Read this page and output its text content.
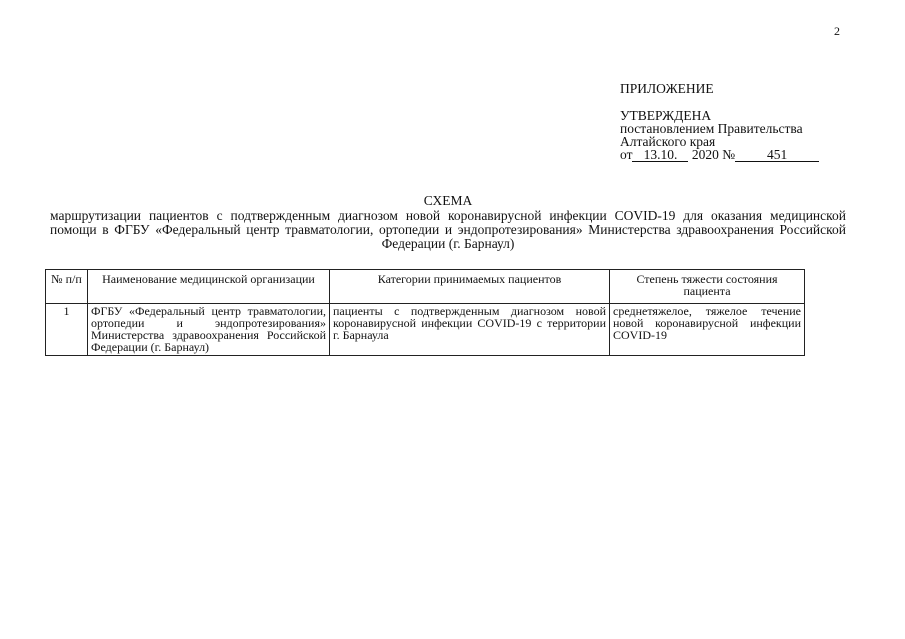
2
ПРИЛОЖЕНИЕ
УТВЕРЖДЕНА
постановлением Правительства
Алтайского края
от 13.10. 2020 № 451
СХЕМА
маршрутизации пациентов с подтвержденным диагнозом новой коронавирусной инфекции COVID-19 для оказания медицинской помощи в ФГБУ «Федеральный центр травматологии, ортопедии и эндопротезирования» Министерства здравоохранения Российской Федерации (г. Барнаул)
№ п/п	Наименование медицинской организации	Категории принимаемых пациентов	Степень тяжести состояния пациента
1	ФГБУ «Федеральный центр травматологии, ортопедии и эндопротезирования» Министерства здравоохранения Российской Федерации (г. Барнаул)	пациенты с подтвержденным диагнозом новой коронавирусной инфекции COVID-19 с территории г. Барнаула	среднетяжелое, тяжелое течение новой коронавирусной инфекции COVID-19
